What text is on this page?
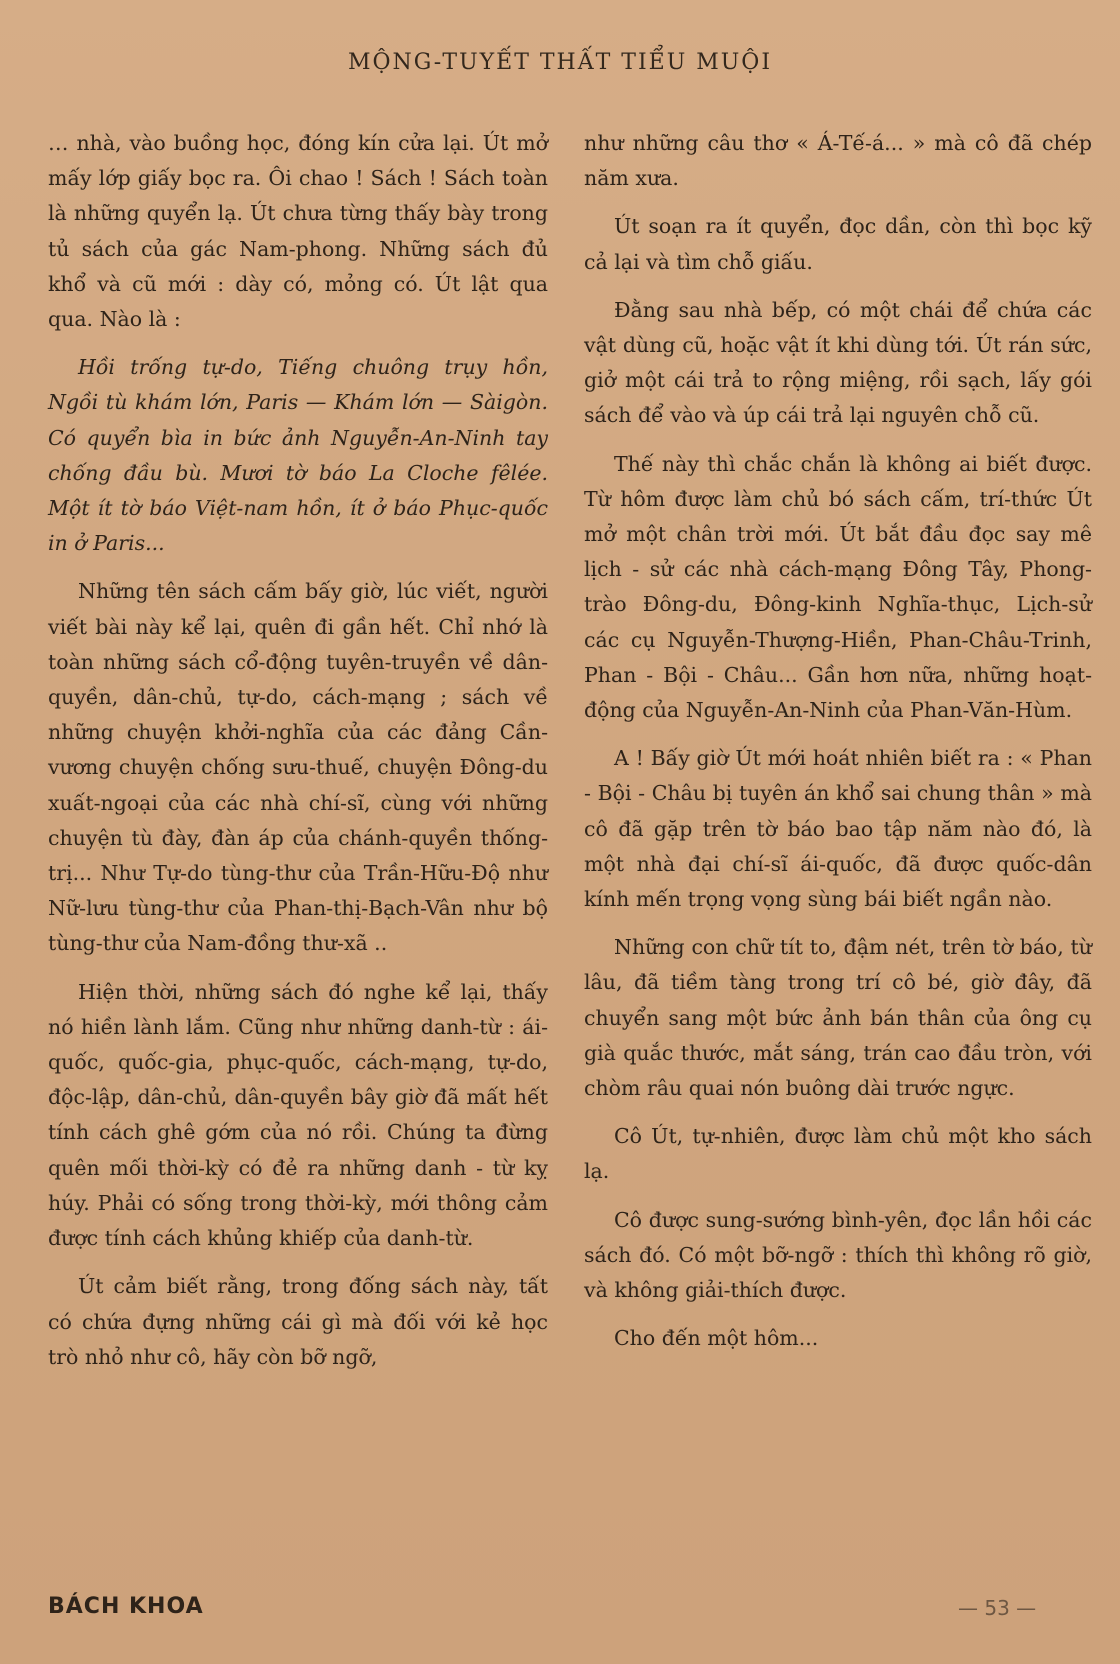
MỘNG-TUYẾT THẤT TIỂU MUỘI

… nhà, vào buồng học, đóng kín cửa lại. Út mở mấy lớp giấy bọc ra. Ôi chao ! Sách ! Sách toàn là những quyển lạ. Út chưa từng thấy bày trong tủ sách của gác Nam-phong. Những sách đủ khổ và cũ mới : dày có, mỏng có. Út lật qua qua. Nào là :

Hồi trống tự-do, Tiếng chuông trụy hồn, Ngồi tù khám lớn, Paris — Khám lớn — Sàigòn. Có quyển bìa in bức ảnh Nguyễn-An-Ninh tay chống đầu bù. Mươi tờ báo La Cloche fêlée. Một ít tờ báo Việt-nam hồn, ít ở báo Phục-quốc in ở Paris...

Những tên sách cấm bấy giờ, lúc viết, người viết bài này kể lại, quên đi gần hết. Chỉ nhớ là toàn những sách cổ-động tuyên-truyền về dân-quyền, dân-chủ, tự-do, cách-mạng ; sách về những chuyện khởi-nghĩa của các đảng Cần-vương chuyện chống sưu-thuế, chuyện Đông-du xuất-ngoại của các nhà chí-sĩ, cùng với những chuyện tù đày, đàn áp của chánh-quyền thống-trị... Như Tự-do tùng-thư của Trần-Hữu-Độ như Nữ-lưu tùng-thư của Phan-thị-Bạch-Vân như bộ tùng-thư của Nam-đồng thư-xã ..

Hiện thời, những sách đó nghe kể lại, thấy nó hiền lành lắm. Cũng như những danh-từ : ái-quốc, quốc-gia, phục-quốc, cách-mạng, tự-do, độc-lập, dân-chủ, dân-quyền bây giờ đã mất hết tính cách ghê gớm của nó rồi. Chúng ta đừng quên mối thời-kỳ có đẻ ra những danh - từ kỵ húy. Phải có sống trong thời-kỳ, mới thông cảm được tính cách khủng khiếp của danh-từ.

Út cảm biết rằng, trong đống sách này, tất có chứa đựng những cái gì mà đối với kẻ học trò nhỏ như cô, hãy còn bỡ ngỡ,

như những câu thơ « Á-Tế-á... » mà cô đã chép năm xưa.

Út soạn ra ít quyển, đọc dần, còn thì bọc kỹ cả lại và tìm chỗ giấu.

Đằng sau nhà bếp, có một chái để chứa các vật dùng cũ, hoặc vật ít khi dùng tới. Út rán sức, giở một cái trả to rộng miệng, rồi sạch, lấy gói sách để vào và úp cái trả lại nguyên chỗ cũ.

Thế này thì chắc chắn là không ai biết được. Từ hôm được làm chủ bó sách cấm, trí-thức Út mở một chân trời mới. Út bắt đầu đọc say mê lịch - sử các nhà cách-mạng Đông Tây, Phong-trào Đông-du, Đông-kinh Nghĩa-thục, Lịch-sử các cụ Nguyễn-Thượng-Hiền, Phan-Châu-Trinh, Phan - Bội - Châu... Gần hơn nữa, những hoạt-động của Nguyễn-An-Ninh của Phan-Văn-Hùm.

A ! Bấy giờ Út mới hoát nhiên biết ra : « Phan - Bội - Châu bị tuyên án khổ sai chung thân » mà cô đã gặp trên tờ báo bao tập năm nào đó, là một nhà đại chí-sĩ ái-quốc, đã được quốc-dân kính mến trọng vọng sùng bái biết ngần nào.

Những con chữ tít to, đậm nét, trên tờ báo, từ lâu, đã tiềm tàng trong trí cô bé, giờ đây, đã chuyển sang một bức ảnh bán thân của ông cụ già quắc thước, mắt sáng, trán cao đầu tròn, với chòm râu quai nón buông dài trước ngực.

Cô Út, tự-nhiên, được làm chủ một kho sách lạ.

Cô được sung-sướng bình-yên, đọc lần hồi các sách đó. Có một bỡ-ngỡ : thích thì không rõ giờ, và không giải-thích được.

Cho đến một hôm...

BÁCH KHOA	— 53 —
